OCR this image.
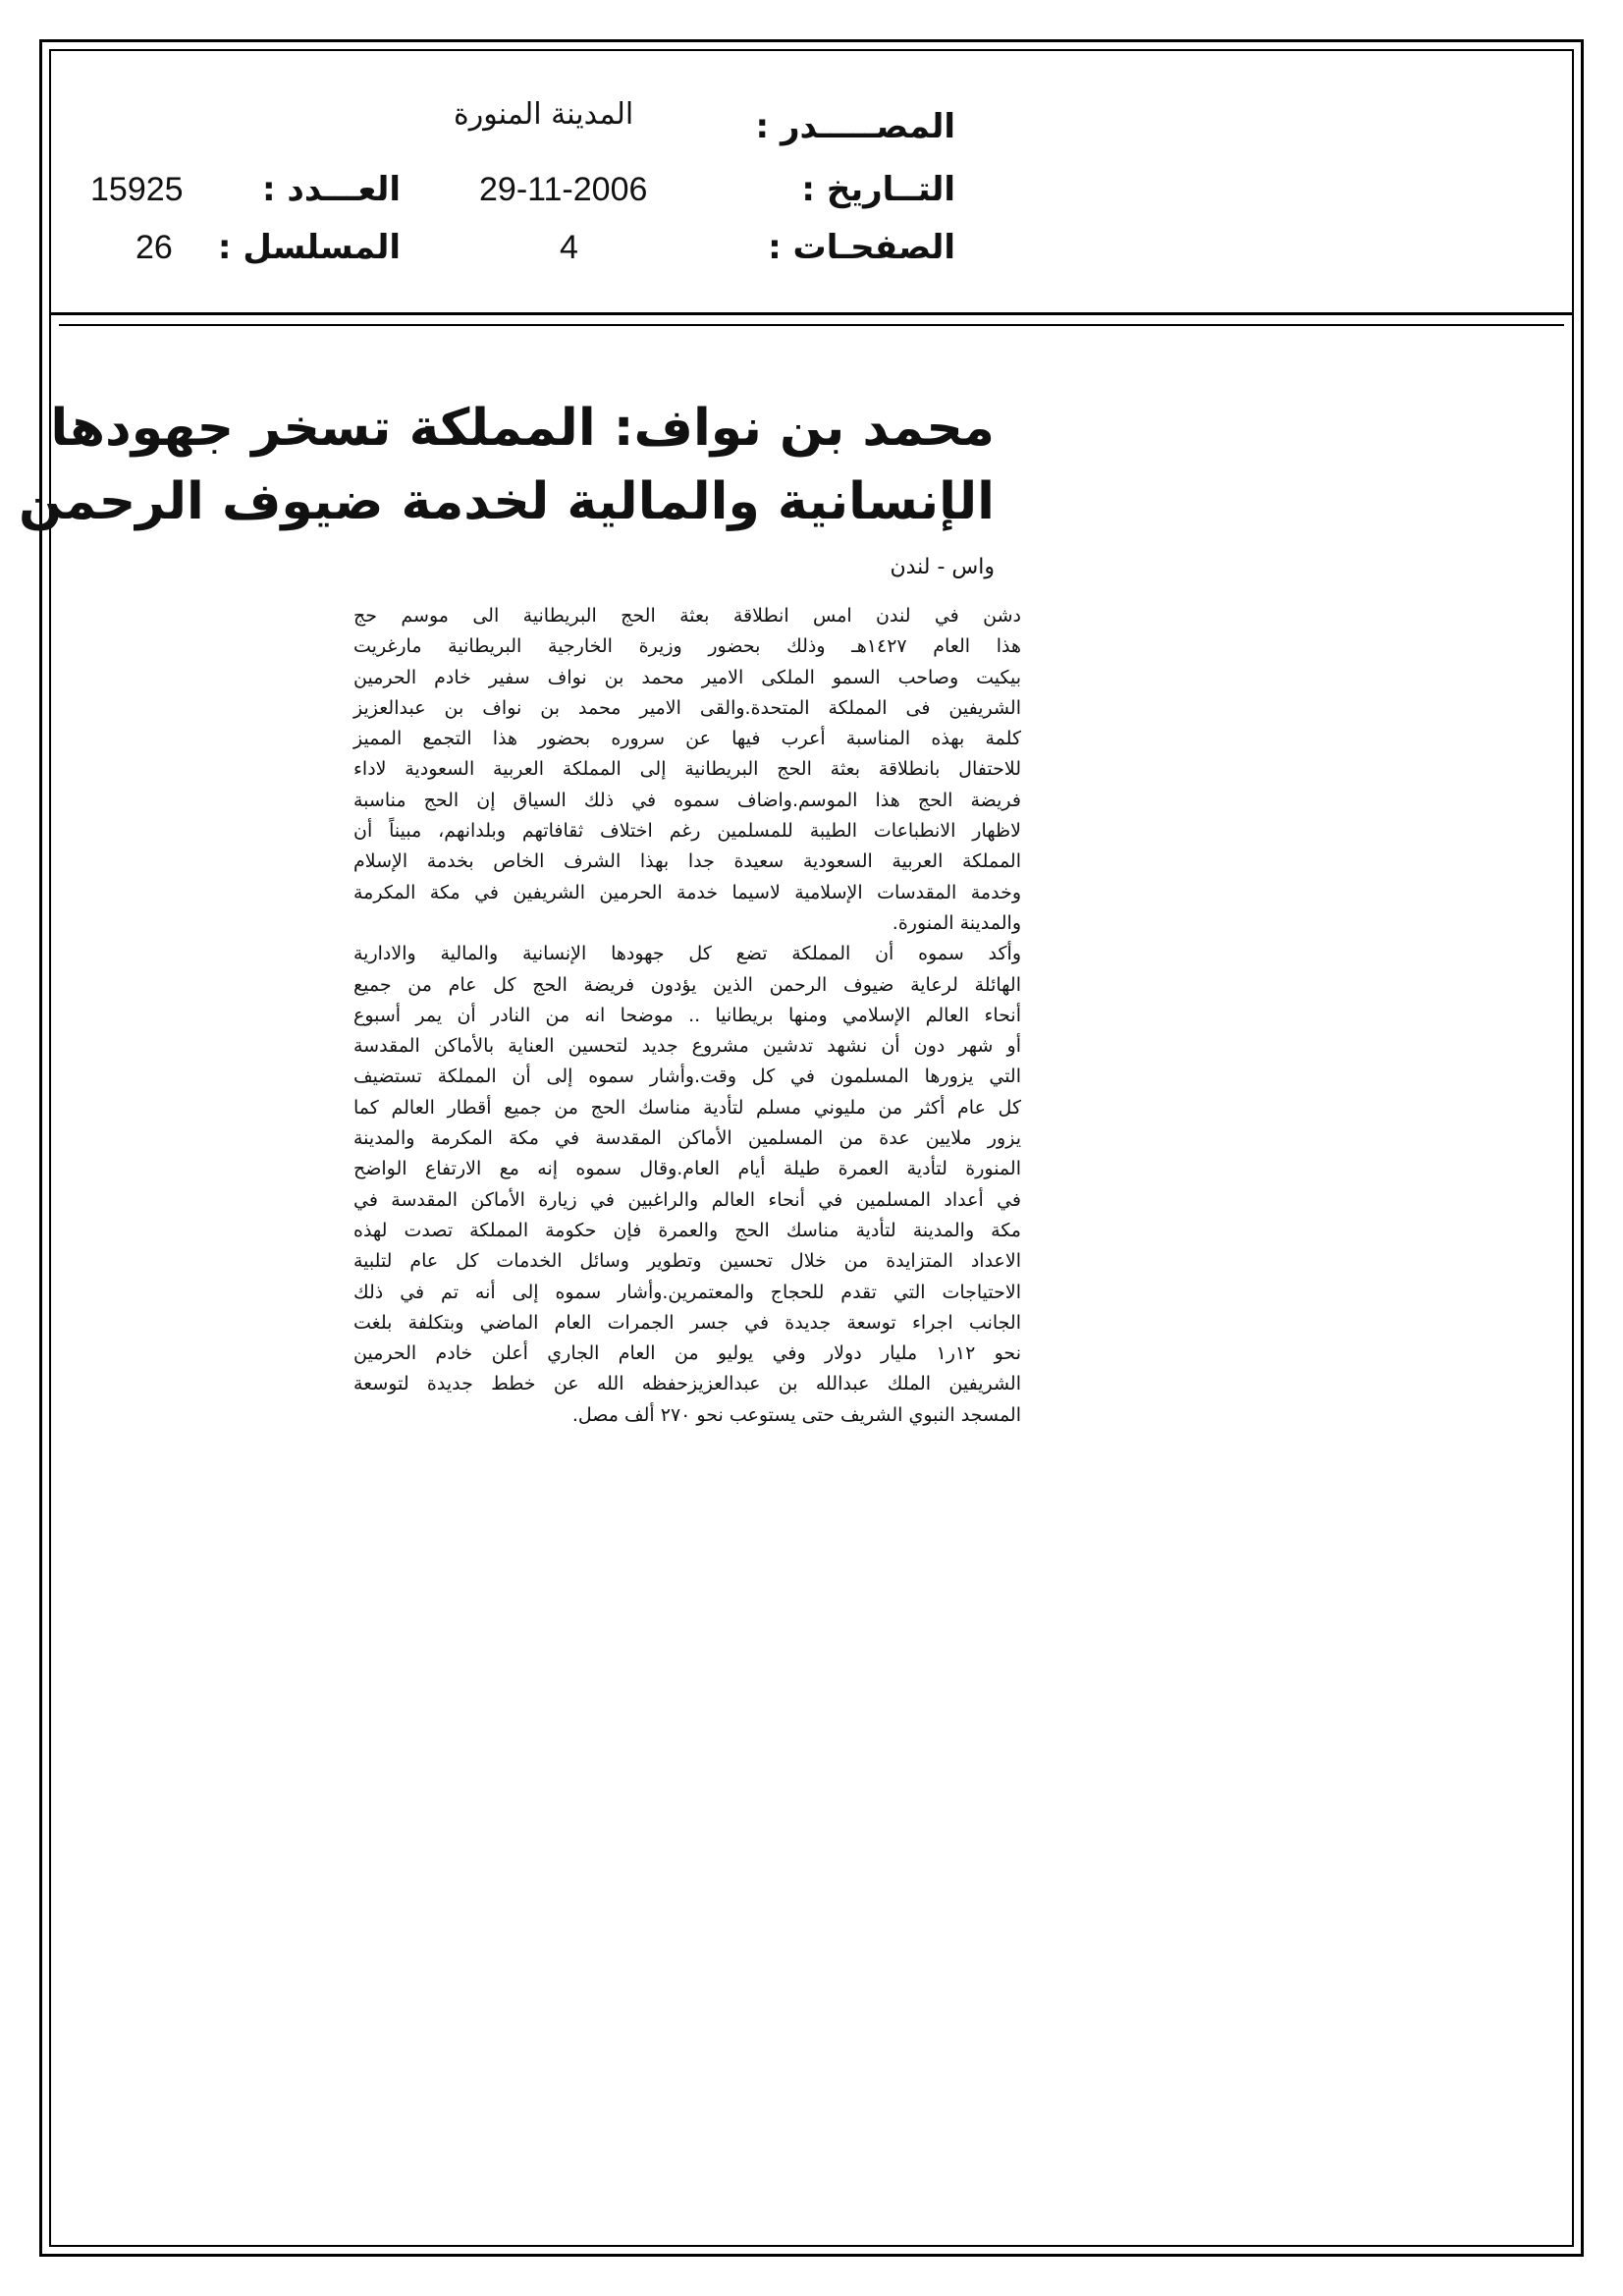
المصـــــدر :
المدينة المنورة
التــاريخ :
29-11-2006
العـــدد :
15925
الصفحـات :
4
المسلسل :
26
محمد بن نواف: المملكة تسخر جهودها
الإنسانية والمالية لخدمة ضيوف الرحمن
واس - لندن

دشن في لندن امس انطلاقة بعثة الحج البريطانية الى موسم حج
هذا العام ١٤٢٧هـ وذلك بحضور وزيرة الخارجية البريطانية مارغريت
بيكيت وصاحب السمو الملكى الامير محمد بن نواف سفير خادم الحرمين
الشريفين فى المملكة المتحدة.والقى الامير محمد بن نواف بن عبدالعزيز
كلمة بهذه المناسبة أعرب فيها عن سروره بحضور هذا التجمع المميز
للاحتفال بانطلاقة بعثة الحج البريطانية إلى المملكة العربية السعودية لاداء
فريضة الحج هذا الموسم.واضاف سموه في ذلك السياق إن الحج مناسبة
لاظهار الانطباعات الطيبة للمسلمين رغم اختلاف ثقافاتهم وبلدانهم، مبيناً أن
المملكة العربية السعودية سعيدة جدا بهذا الشرف الخاص بخدمة الإسلام
وخدمة المقدسات الإسلامية لاسيما خدمة الحرمين الشريفين في مكة المكرمة
والمدينة المنورة.

وأكد سموه أن المملكة تضع كل جهودها الإنسانية والمالية والادارية
الهائلة لرعاية ضيوف الرحمن الذين يؤدون فريضة الحج كل عام من جميع
أنحاء العالم الإسلامي ومنها بريطانيا .. موضحا انه من النادر أن يمر أسبوع
أو شهر دون أن نشهد تدشين مشروع جديد لتحسين العناية بالأماكن المقدسة
التي يزورها المسلمون في كل وقت.وأشار سموه إلى أن المملكة تستضيف
كل عام أكثر من مليوني مسلم لتأدية مناسك الحج من جميع أقطار العالم كما
يزور ملايين عدة من المسلمين الأماكن المقدسة في مكة المكرمة والمدينة
المنورة لتأدية العمرة طيلة أيام العام.وقال سموه إنه مع الارتفاع الواضح
في أعداد المسلمين في أنحاء العالم والراغبين في زيارة الأماكن المقدسة في
مكة والمدينة لتأدية مناسك الحج والعمرة فإن حكومة المملكة تصدت لهذه
الاعداد المتزايدة من خلال تحسين وتطوير وسائل الخدمات كل عام لتلبية
الاحتياجات التي تقدم للحجاج والمعتمرين.وأشار سموه إلى أنه تم في ذلك
الجانب اجراء توسعة جديدة في جسر الجمرات العام الماضي وبتكلفة بلغت
نحو ١٢ر١ مليار دولار وفي يوليو من العام الجاري أعلن خادم الحرمين
الشريفين الملك عبدالله بن عبدالعزيزحفظه الله عن خطط جديدة لتوسعة
المسجد النبوي الشريف حتى يستوعب نحو ٢٧٠ ألف مصل.
